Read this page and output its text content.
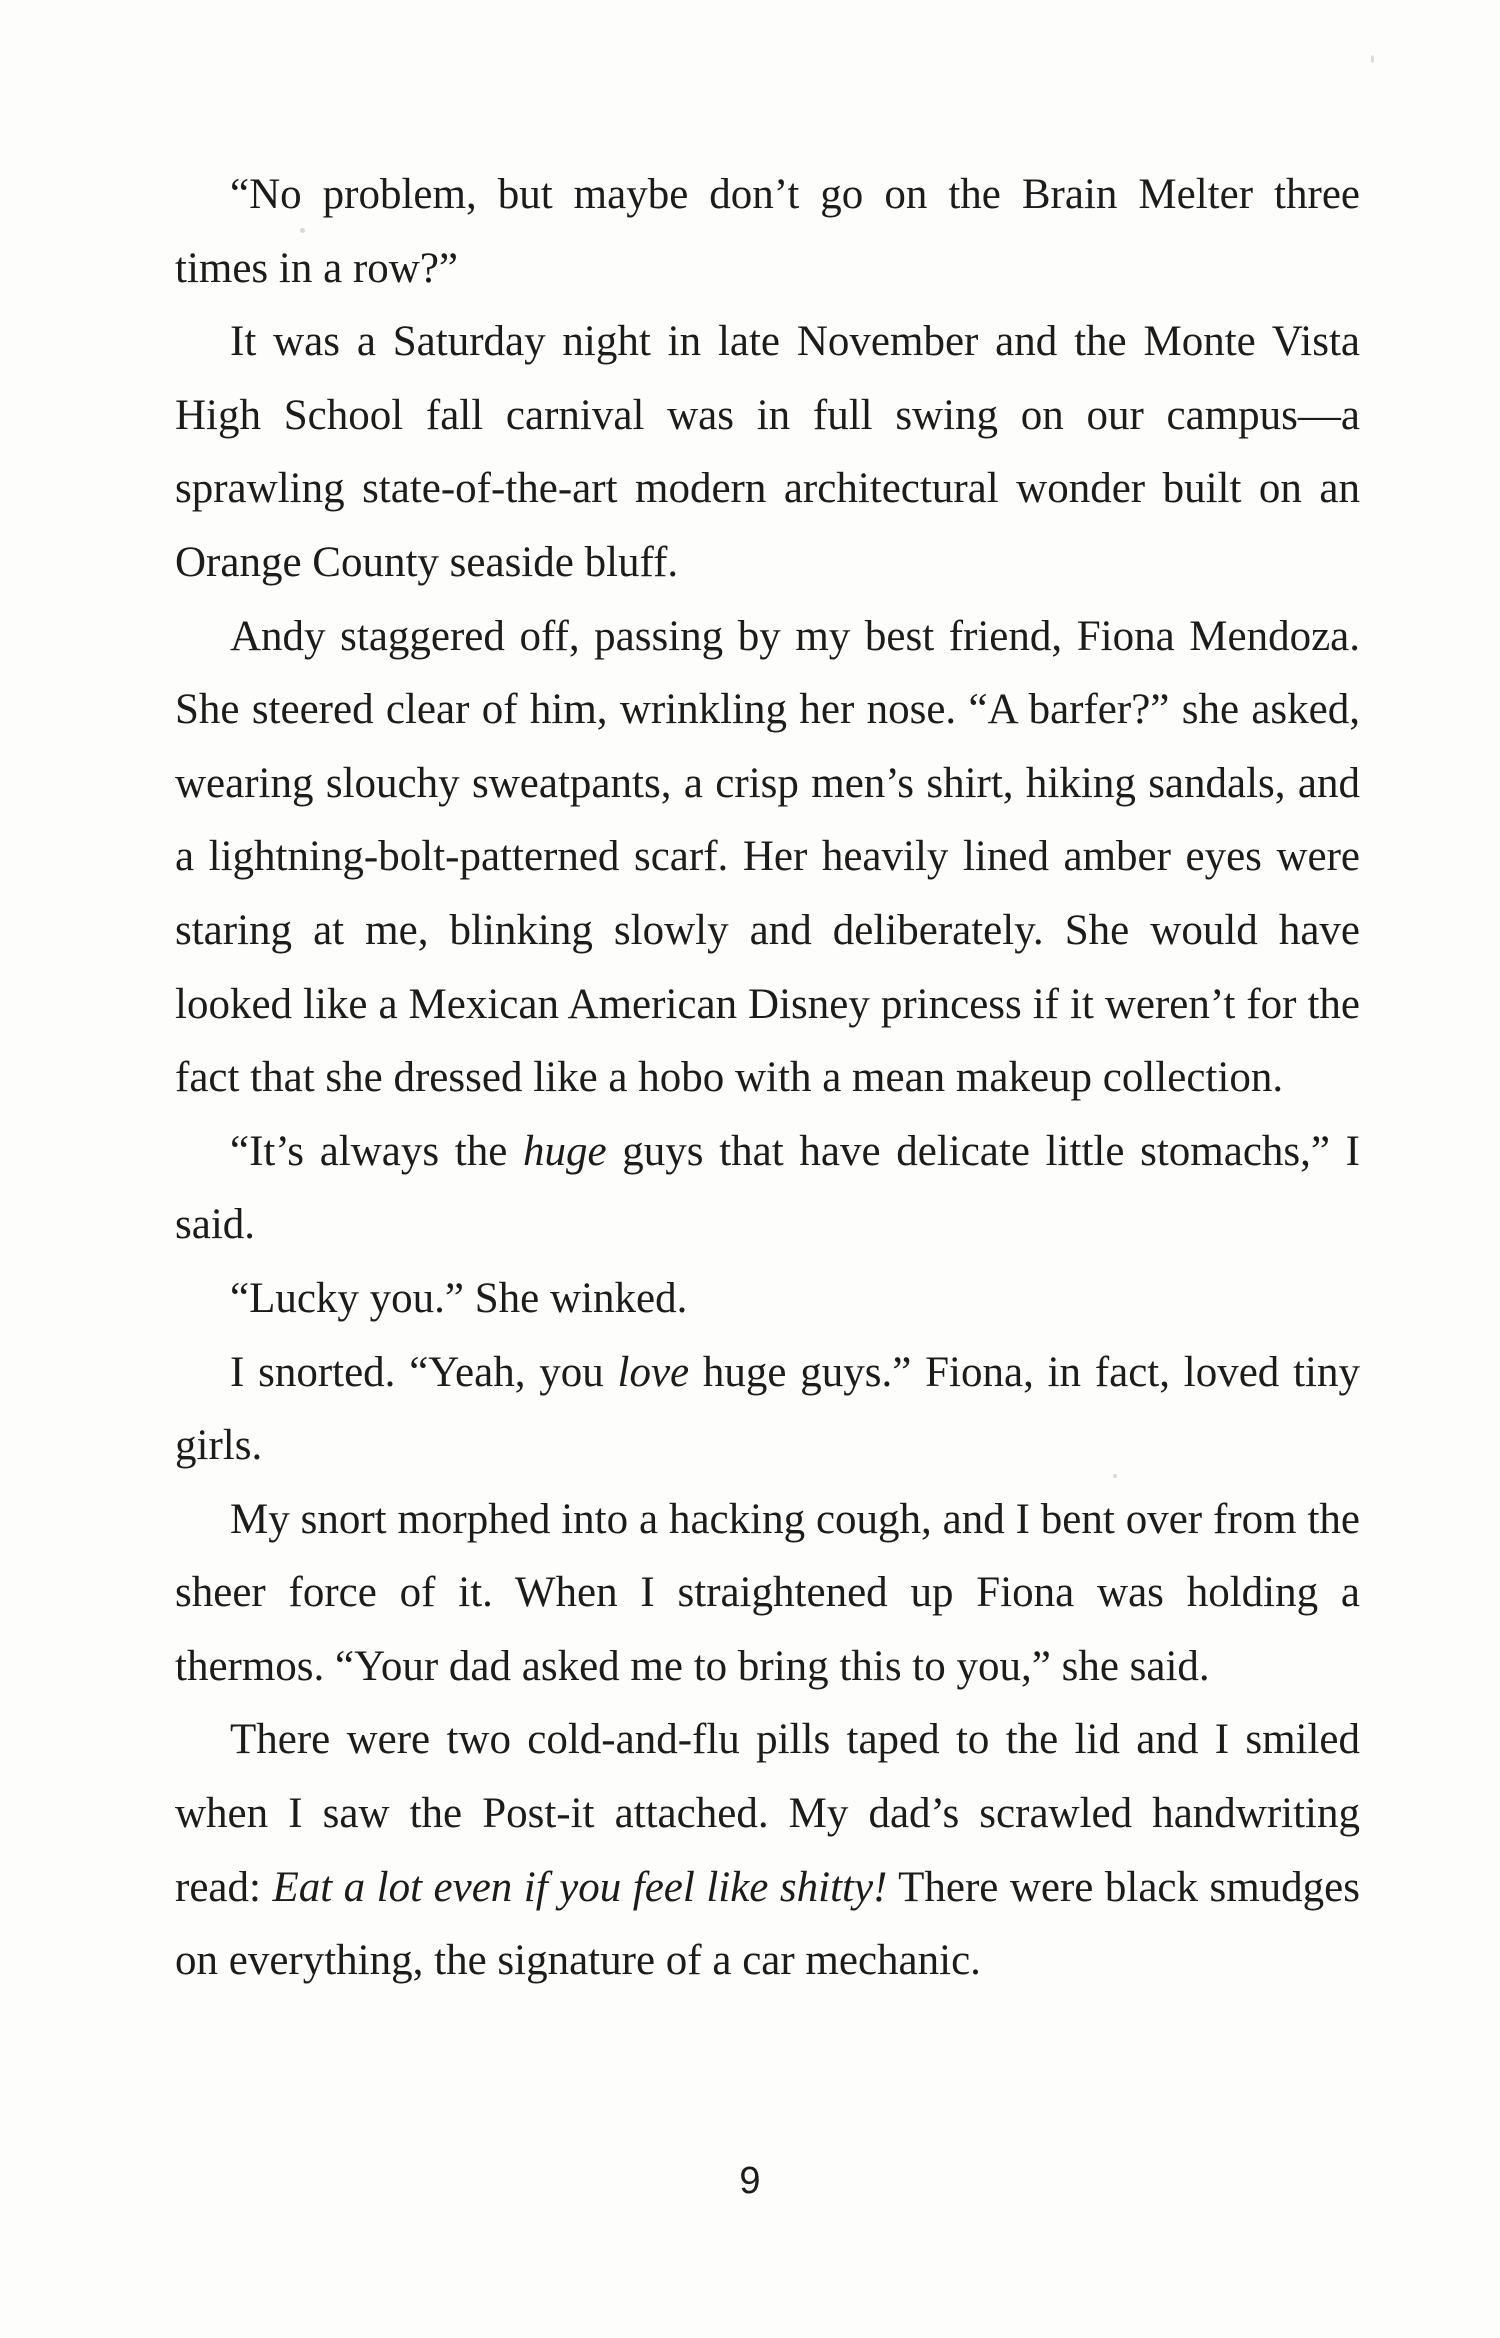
“No problem, but maybe don’t go on the Brain Melter three times in a row?”

It was a Saturday night in late November and the Monte Vista High School fall carnival was in full swing on our campus—a sprawling state-of-the-art modern architectural wonder built on an Orange County seaside bluff.

Andy staggered off, passing by my best friend, Fiona Mendoza. She steered clear of him, wrinkling her nose. “A barfer?” she asked, wearing slouchy sweatpants, a crisp men’s shirt, hiking sandals, and a lightning-bolt-patterned scarf. Her heavily lined amber eyes were staring at me, blinking slowly and deliberately. She would have looked like a Mexican American Disney princess if it weren’t for the fact that she dressed like a hobo with a mean makeup collection.

“It’s always the huge guys that have delicate little stomachs,” I said.

“Lucky you.” She winked.

I snorted. “Yeah, you love huge guys.” Fiona, in fact, loved tiny girls.

My snort morphed into a hacking cough, and I bent over from the sheer force of it. When I straightened up Fiona was holding a thermos. “Your dad asked me to bring this to you,” she said.

There were two cold-and-flu pills taped to the lid and I smiled when I saw the Post-it attached. My dad’s scrawled handwriting read: Eat a lot even if you feel like shitty! There were black smudges on everything, the signature of a car mechanic.

9
